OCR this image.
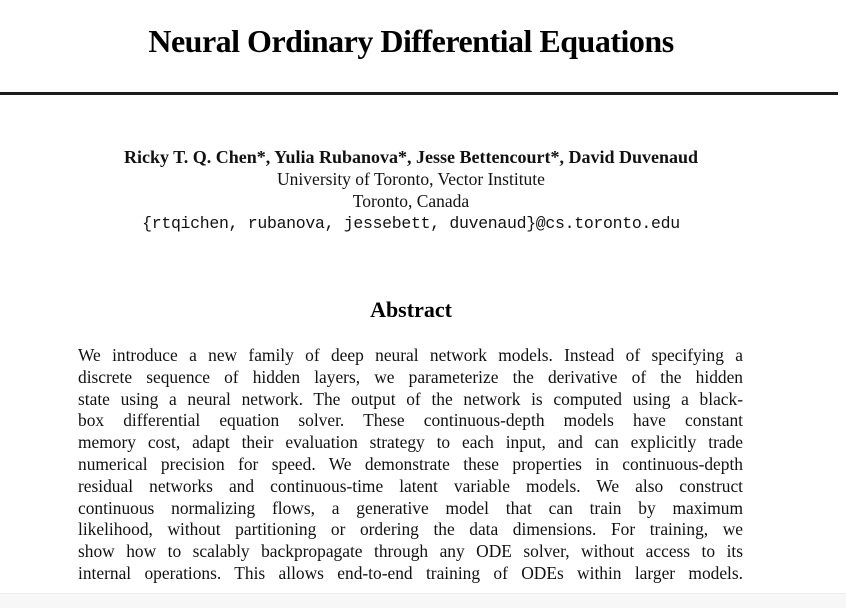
Neural Ordinary Differential Equations
Ricky T. Q. Chen*, Yulia Rubanova*, Jesse Bettencourt*, David Duvenaud
University of Toronto, Vector Institute
Toronto, Canada
{rtqichen, rubanova, jessebett, duvenaud}@cs.toronto.edu
Abstract
We introduce a new family of deep neural network models. Instead of specifying a
discrete sequence of hidden layers, we parameterize the derivative of the hidden
state using a neural network. The output of the network is computed using a black-
box differential equation solver. These continuous-depth models have constant
memory cost, adapt their evaluation strategy to each input, and can explicitly trade
numerical precision for speed. We demonstrate these properties in continuous-depth
residual networks and continuous-time latent variable models. We also construct
continuous normalizing flows, a generative model that can train by maximum
likelihood, without partitioning or ordering the data dimensions. For training, we
show how to scalably backpropagate through any ODE solver, without access to its
internal operations. This allows end-to-end training of ODEs within larger models.
